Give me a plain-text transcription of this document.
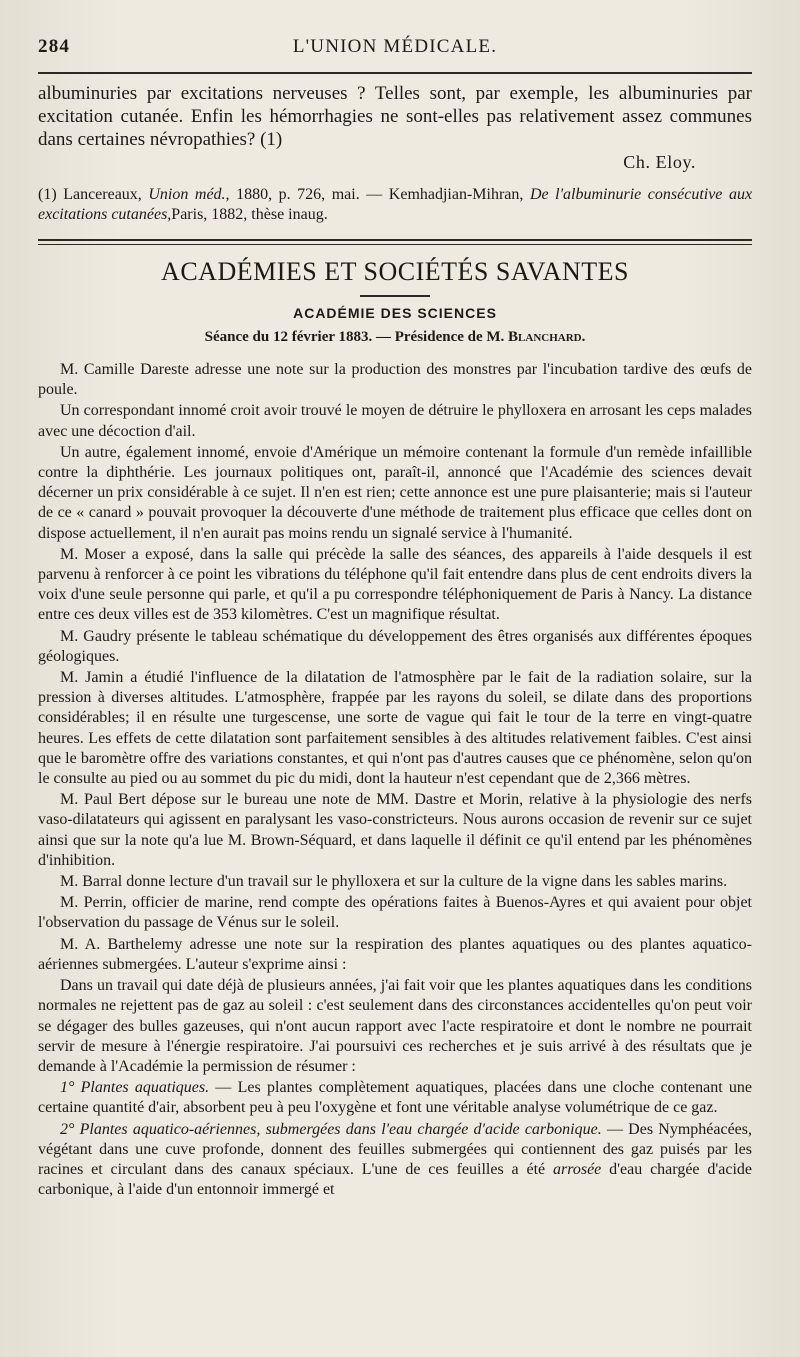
284	L'UNION MÉDICALE.
albuminuries par excitations nerveuses ? Telles sont, par exemple, les albuminuries par excitation cutanée. Enfin les hémorrhagies ne sont-elles pas relativement assez communes dans certaines névropathies? (1)
Ch. Eloy.
(1) Lancereaux, Union méd., 1880, p. 726, mai. — Kemhadjian-Mihran, De l'albuminurie consécutive aux excitations cutanées,Paris, 1882, thèse inaug.
ACADÉMIES ET SOCIÉTÉS SAVANTES
ACADÉMIE DES SCIENCES
Séance du 12 février 1883. — Présidence de M. Blanchard.

M. Camille Dareste adresse une note sur la production des monstres par l'incubation tardive des œufs de poule.

Un correspondant innomé croit avoir trouvé le moyen de détruire le phylloxera en arrosant les ceps malades avec une décoction d'ail.

Un autre, également innomé, envoie d'Amérique un mémoire contenant la formule d'un remède infaillible contre la diphthérie. Les journaux politiques ont, paraît-il, annoncé que l'Académie des sciences devait décerner un prix considérable à ce sujet. Il n'en est rien; cette annonce est une pure plaisanterie; mais si l'auteur de ce « canard » pouvait provoquer la découverte d'une méthode de traitement plus efficace que celles dont on dispose actuellement, il n'en aurait pas moins rendu un signalé service à l'humanité.

M. Moser a exposé, dans la salle qui précède la salle des séances, des appareils à l'aide desquels il est parvenu à renforcer à ce point les vibrations du téléphone qu'il fait entendre dans plus de cent endroits divers la voix d'une seule personne qui parle, et qu'il a pu correspondre téléphoniquement de Paris à Nancy. La distance entre ces deux villes est de 353 kilomètres. C'est un magnifique résultat.

M. Gaudry présente le tableau schématique du développement des êtres organisés aux différentes époques géologiques.

M. Jamin a étudié l'influence de la dilatation de l'atmosphère par le fait de la radiation solaire, sur la pression à diverses altitudes. L'atmosphère, frappée par les rayons du soleil, se dilate dans des proportions considérables; il en résulte une turgescense, une sorte de vague qui fait le tour de la terre en vingt-quatre heures. Les effets de cette dilatation sont parfaitement sensibles à des altitudes relativement faibles. C'est ainsi que le baromètre offre des variations constantes, et qui n'ont pas d'autres causes que ce phénomène, selon qu'on le consulte au pied ou au sommet du pic du midi, dont la hauteur n'est cependant que de 2,366 mètres.

M. Paul Bert dépose sur le bureau une note de MM. Dastre et Morin, relative à la physiologie des nerfs vaso-dilatateurs qui agissent en paralysant les vaso-constricteurs. Nous aurons occasion de revenir sur ce sujet ainsi que sur la note qu'a lue M. Brown-Séquard, et dans laquelle il définit ce qu'il entend par les phénomènes d'inhibition.

M. Barral donne lecture d'un travail sur le phylloxera et sur la culture de la vigne dans les sables marins.

M. Perrin, officier de marine, rend compte des opérations faites à Buenos-Ayres et qui avaient pour objet l'observation du passage de Vénus sur le soleil.

M. A. Barthelemy adresse une note sur la respiration des plantes aquatiques ou des plantes aquatico-aériennes submergées. L'auteur s'exprime ainsi :

Dans un travail qui date déjà de plusieurs années, j'ai fait voir que les plantes aquatiques dans les conditions normales ne rejettent pas de gaz au soleil : c'est seulement dans des circonstances accidentelles qu'on peut voir se dégager des bulles gazeuses, qui n'ont aucun rapport avec l'acte respiratoire et dont le nombre ne pourrait servir de mesure à l'énergie respiratoire. J'ai poursuivi ces recherches et je suis arrivé à des résultats que je demande à l'Académie la permission de résumer :

1° Plantes aquatiques. — Les plantes complètement aquatiques, placées dans une cloche contenant une certaine quantité d'air, absorbent peu à peu l'oxygène et font une véritable analyse volumétrique de ce gaz.

2° Plantes aquatico-aériennes, submergées dans l'eau chargée d'acide carbonique. — Des Nymphéacées, végétant dans une cuve profonde, donnent des feuilles submergées qui contiennent des gaz puisés par les racines et circulant dans des canaux spéciaux. L'une de ces feuilles a été arrosée d'eau chargée d'acide carbonique, à l'aide d'un entonnoir immergé et
